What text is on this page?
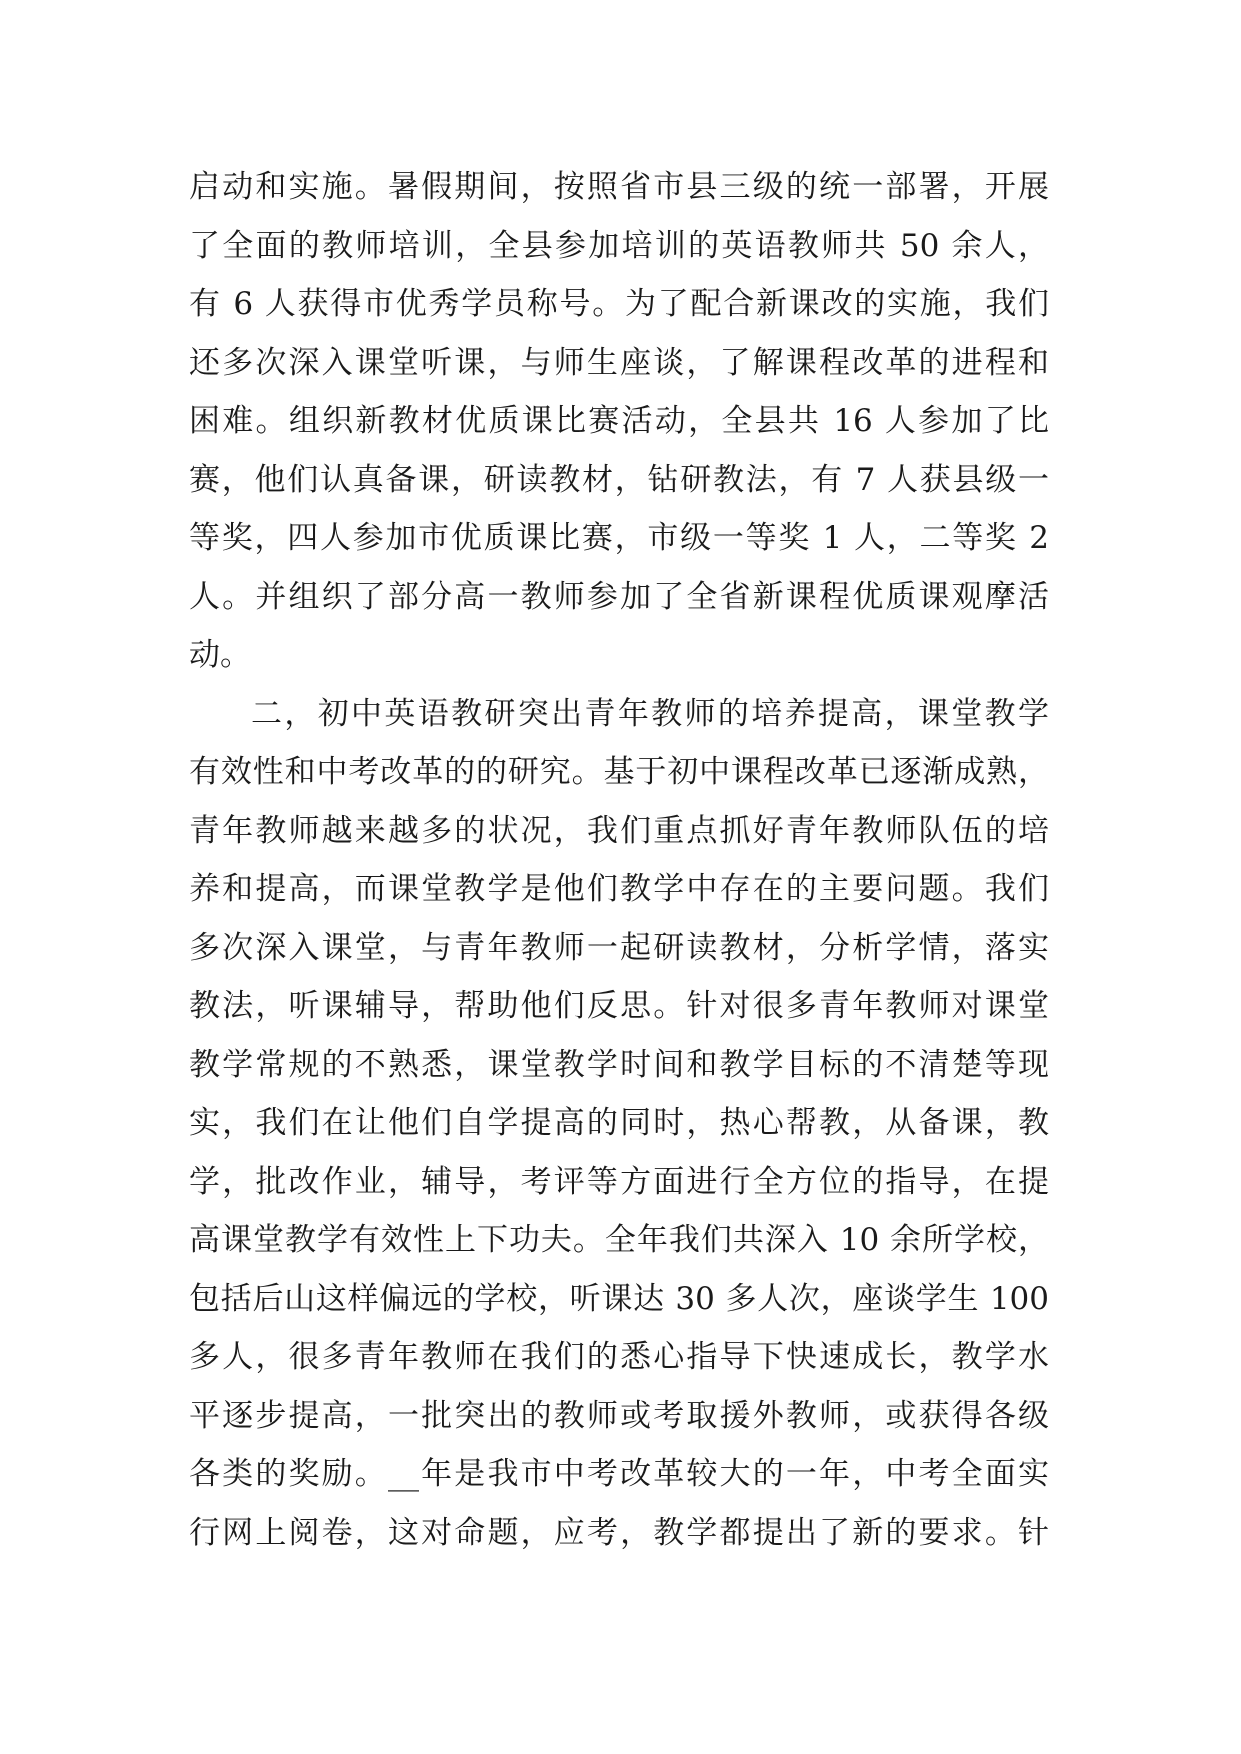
启动和实施。暑假期间，按照省市县三级的统一部署，开展
了全面的教师培训，全县参加培训的英语教师共 50 余人，
有 6 人获得市优秀学员称号。为了配合新课改的实施，我们
还多次深入课堂听课，与师生座谈，了解课程改革的进程和
困难。组织新教材优质课比赛活动，全县共 16 人参加了比
赛，他们认真备课，研读教材，钻研教法，有 7 人获县级一
等奖，四人参加市优质课比赛，市级一等奖 1 人，二等奖 2
人。并组织了部分高一教师参加了全省新课程优质课观摩活
动。
二，初中英语教研突出青年教师的培养提高，课堂教学
有效性和中考改革的的研究。基于初中课程改革已逐渐成熟，
青年教师越来越多的状况，我们重点抓好青年教师队伍的培
养和提高，而课堂教学是他们教学中存在的主要问题。我们
多次深入课堂，与青年教师一起研读教材，分析学情，落实
教法，听课辅导，帮助他们反思。针对很多青年教师对课堂
教学常规的不熟悉，课堂教学时间和教学目标的不清楚等现
实，我们在让他们自学提高的同时，热心帮教，从备课，教
学，批改作业，辅导，考评等方面进行全方位的指导，在提
高课堂教学有效性上下功夫。全年我们共深入 10 余所学校，
包括后山这样偏远的学校，听课达 30 多人次，座谈学生 100
多人，很多青年教师在我们的悉心指导下快速成长，教学水
平逐步提高，一批突出的教师或考取援外教师，或获得各级
各类的奖励。__年是我市中考改革较大的一年，中考全面实
行网上阅卷，这对命题，应考，教学都提出了新的要求。针
